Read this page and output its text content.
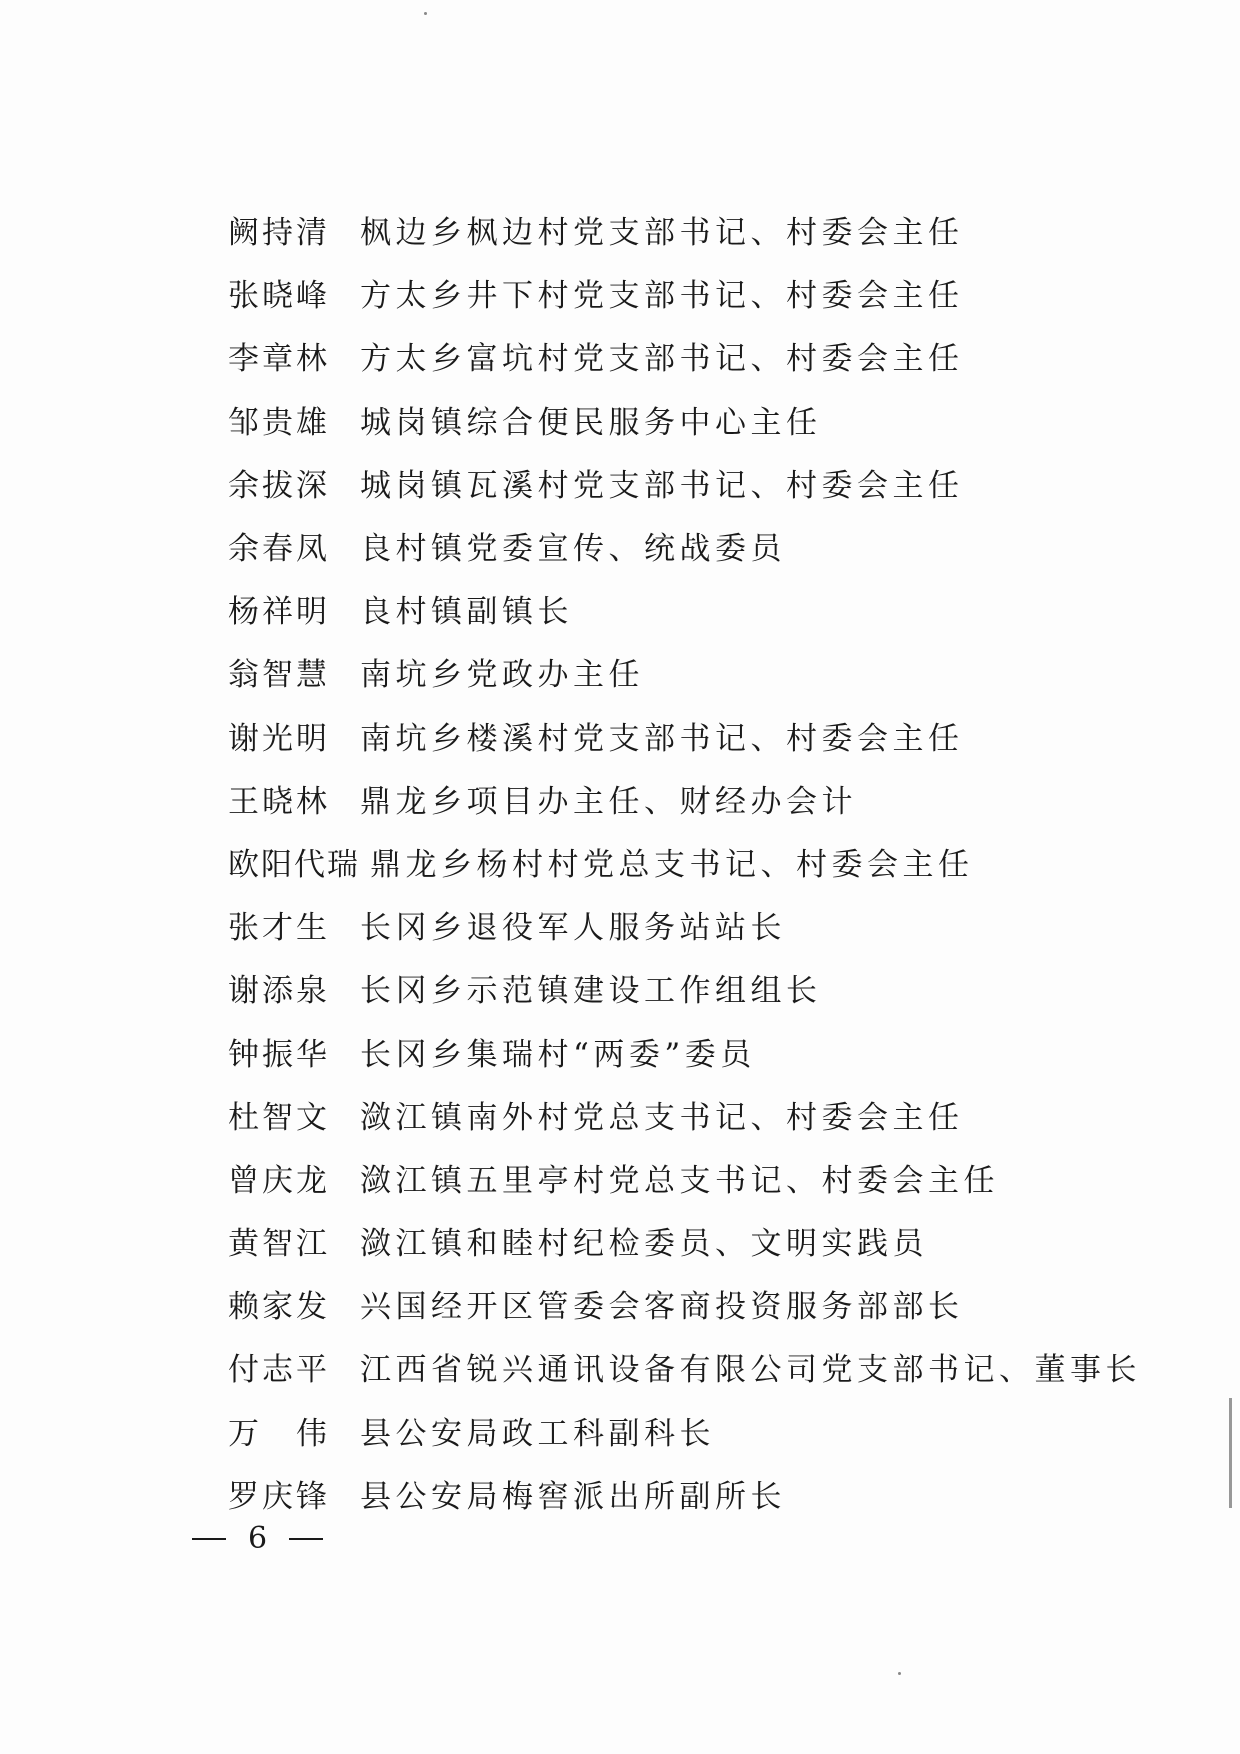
阙持清 枫边乡枫边村党支部书记、村委会主任
张晓峰 方太乡井下村党支部书记、村委会主任
李章林 方太乡富坑村党支部书记、村委会主任
邹贵雄 城岗镇综合便民服务中心主任
余拔深 城岗镇瓦溪村党支部书记、村委会主任
余春凤 良村镇党委宣传、统战委员
杨祥明 良村镇副镇长
翁智慧 南坑乡党政办主任
谢光明 南坑乡楼溪村党支部书记、村委会主任
王晓林 鼎龙乡项目办主任、财经办会计
欧阳代瑞 鼎龙乡杨村村党总支书记、村委会主任
张才生 长冈乡退役军人服务站站长
谢添泉 长冈乡示范镇建设工作组组长
钟振华 长冈乡集瑞村“两委”委员
杜智文 潋江镇南外村党总支书记、村委会主任
曾庆龙 潋江镇五里亭村党总支书记、村委会主任
黄智江 潋江镇和睦村纪检委员、文明实践员
赖家发 兴国经开区管委会客商投资服务部部长
付志平 江西省锐兴通讯设备有限公司党支部书记、董事长
万　伟 县公安局政工科副科长
罗庆锋 县公安局梅窖派出所副所长
6
